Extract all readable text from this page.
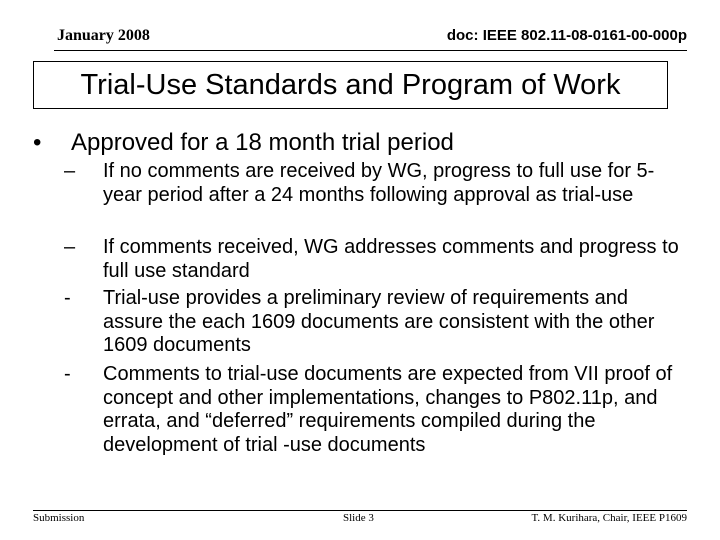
January 2008	doc: IEEE 802.11-08-0161-00-000p
Trial-Use Standards and Program of Work
• Approved for a 18 month trial period
–	If no comments are received by WG, progress to full use for 5-year period after a 24 months following approval as trial-use
–	If comments received, WG addresses comments and progress to full use standard
-	Trial-use provides a preliminary review of requirements and assure the each 1609 documents are consistent with the other 1609 documents
-	Comments to trial-use documents are expected from VII proof of concept and other implementations, changes to P802.11p, and errata, and “deferred” requirements compiled during the development of trial -use documents
Submission	Slide 3	T. M. Kurihara, Chair, IEEE P1609
